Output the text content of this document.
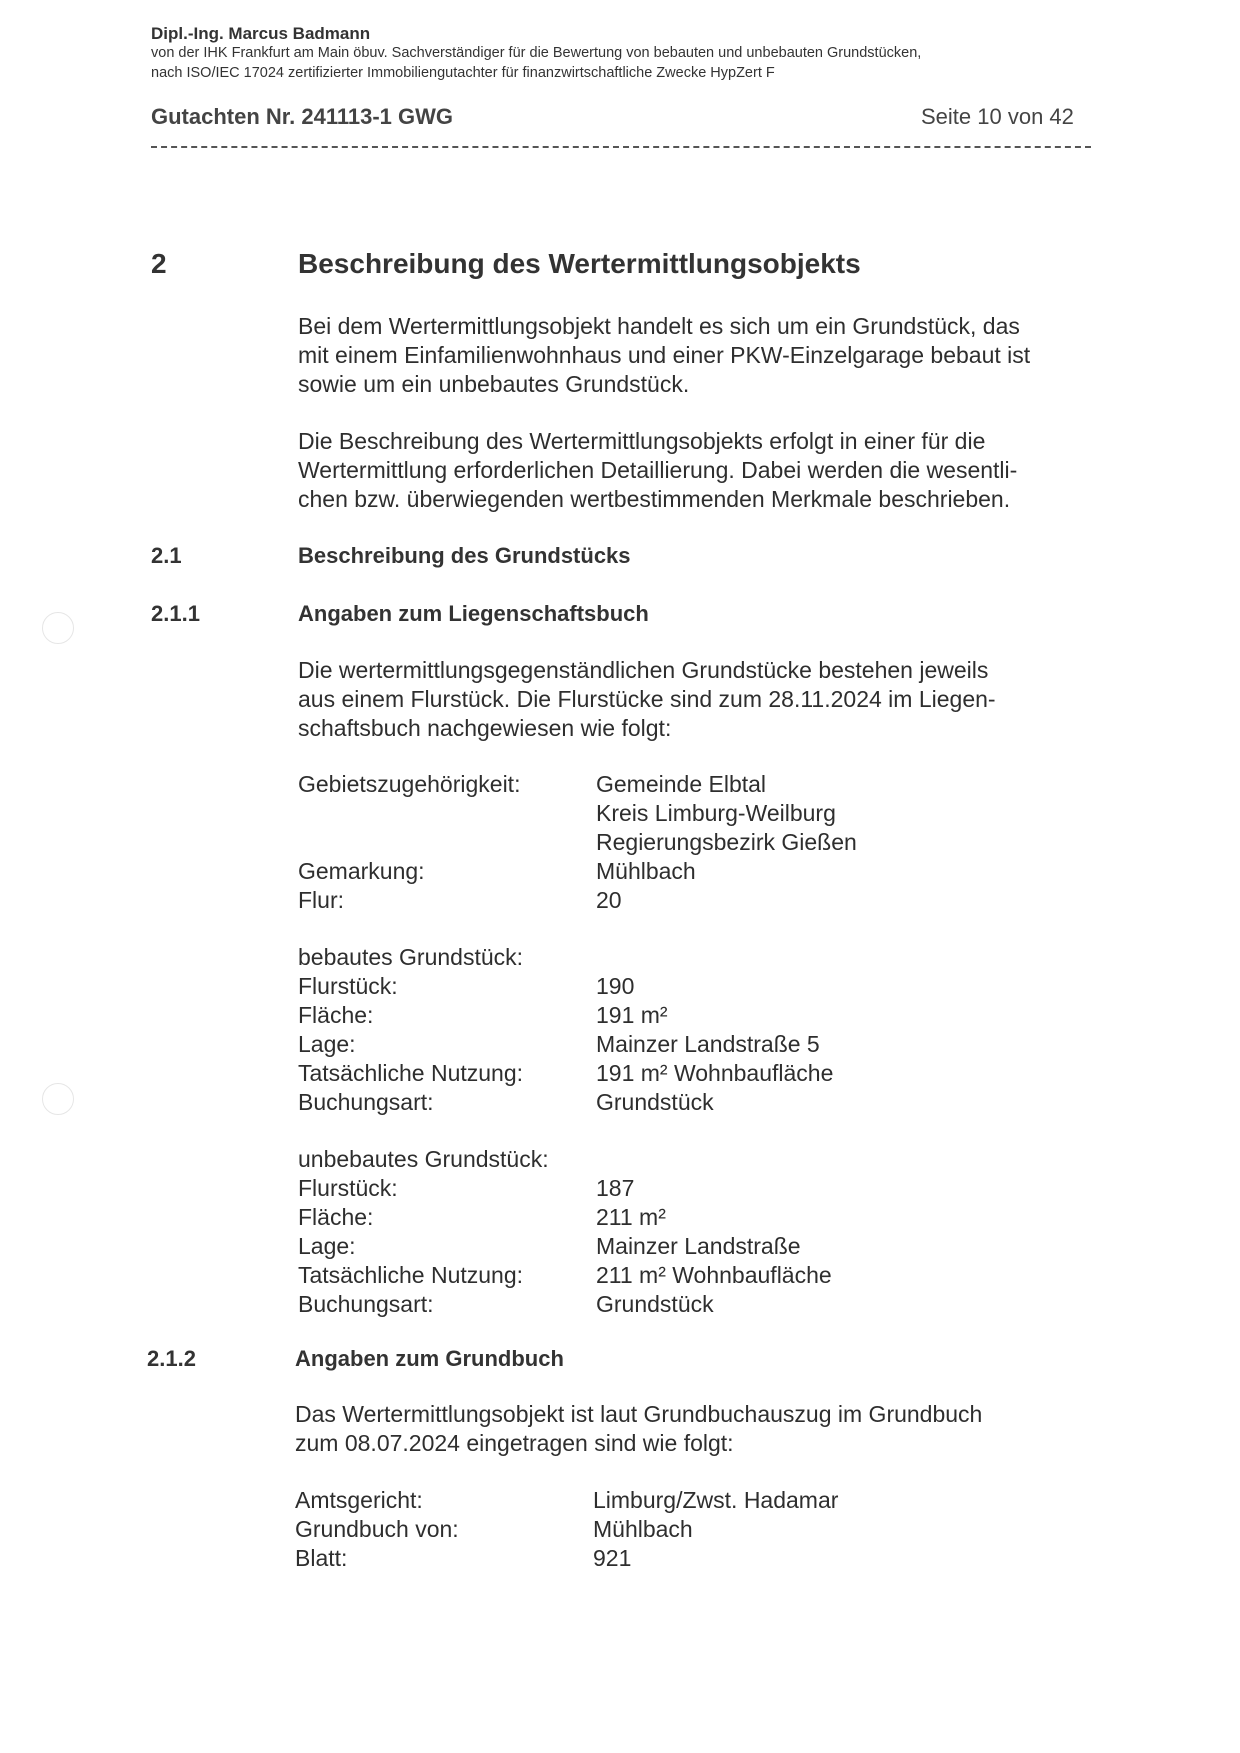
Dipl.-Ing. Marcus Badmann
von der IHK Frankfurt am Main öbuv. Sachverständiger für die Bewertung von bebauten und unbebauten Grundstücken,
nach ISO/IEC 17024 zertifizierter Immobiliengutachter für finanzwirtschaftliche Zwecke HypZert F
Gutachten Nr. 241113-1 GWG	Seite 10 von 42
2	Beschreibung des Wertermittlungsobjekts
Bei dem Wertermittlungsobjekt handelt es sich um ein Grundstück, das
mit einem Einfamilienwohnhaus und einer PKW-Einzelgarage bebaut ist
sowie um ein unbebautes Grundstück.
Die Beschreibung des Wertermittlungsobjekts erfolgt in einer für die
Wertermittlung erforderlichen Detaillierung. Dabei werden die wesentli-
chen bzw. überwiegenden wertbestimmenden Merkmale beschrieben.
2.1	Beschreibung des Grundstücks
2.1.1	Angaben zum Liegenschaftsbuch
Die wertermittlungsgegenständlichen Grundstücke bestehen jeweils
aus einem Flurstück. Die Flurstücke sind zum 28.11.2024 im Liegen-
schaftsbuch nachgewiesen wie folgt:
Gebietszugehörigkeit:	Gemeinde Elbtal
Kreis Limburg-Weilburg
Regierungsbezirk Gießen
Gemarkung:	Mühlbach
Flur:	20
bebautes Grundstück:
Flurstück:	190
Fläche:	191 m²
Lage:	Mainzer Landstraße 5
Tatsächliche Nutzung:	191 m² Wohnbaufläche
Buchungsart:	Grundstück
unbebautes Grundstück:
Flurstück:	187
Fläche:	211 m²
Lage:	Mainzer Landstraße
Tatsächliche Nutzung:	211 m² Wohnbaufläche
Buchungsart:	Grundstück
2.1.2	Angaben zum Grundbuch
Das Wertermittlungsobjekt ist laut Grundbuchauszug im Grundbuch
zum 08.07.2024 eingetragen sind wie folgt:
Amtsgericht:	Limburg/Zwst. Hadamar
Grundbuch von:	Mühlbach
Blatt:	921
